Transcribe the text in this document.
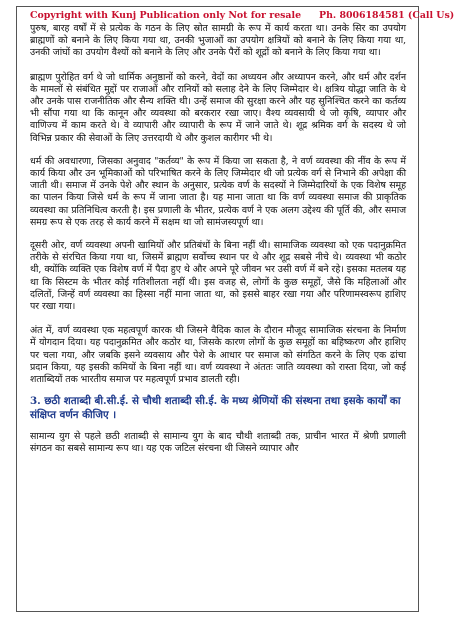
Copyright with Kunj Publication only Not for resale Ph. 8006184581 (Call Us)

पुरुष, बारह वर्षों में से प्रत्येक के गठन के लिए स्रोत सामग्री के रूप में कार्य करता था। उनके सिर का उपयोग ब्राह्मणों को बनाने के लिए किया गया था, उनकी भुजाओं का उपयोग क्षत्रियों को बनाने के लिए किया गया था, उनकी जांघों का उपयोग वैश्यों को बनाने के लिए और उनके पैरों को शूद्रों को बनाने के लिए किया गया था।

ब्राह्मण पुरोहित वर्ग थे जो धार्मिक अनुष्ठानों को करने, वेदों का अध्ययन और अध्यापन करने, और धर्म और दर्शन के मामलों से संबंधित मुद्दों पर राजाओं और रानियों को सलाह देने के लिए जिम्मेदार थे। क्षत्रिय योद्धा जाति के थे और उनके पास राजनीतिक और सैन्य शक्ति थी। उन्हें समाज की सुरक्षा करने और यह सुनिश्चित करने का कर्तव्य भी सौंपा गया था कि कानून और व्यवस्था को बरकरार रखा जाए। वैश्य व्यवसायी थे जो कृषि, व्यापार और वाणिज्य में काम करते थे। वे व्यापारी और व्यापारी के रूप में जाने जाते थे। शूद्र श्रमिक वर्ग के सदस्य थे जो विभिन्न प्रकार की सेवाओं के लिए उत्तरदायी थे और कुशल कारीगर भी थे।

धर्म की अवधारणा, जिसका अनुवाद "कर्तव्य" के रूप में किया जा सकता है, ने वर्ण व्यवस्था की नींव के रूप में कार्य किया और उन भूमिकाओं को परिभाषित करने के लिए जिम्मेदार थी जो प्रत्येक वर्ग से निभाने की अपेक्षा की जाती थी। समाज में उनके पेशे और स्थान के अनुसार, प्रत्येक वर्ण के सदस्यों ने जिम्मेदारियों के एक विशेष समूह का पालन किया जिसे धर्म के रूप में जाना जाता है। यह माना जाता था कि वर्ण व्यवस्था समाज की प्राकृतिक व्यवस्था का प्रतिनिधित्व करती है। इस प्रणाली के भीतर, प्रत्येक वर्ण ने एक अलग उद्देश्य की पूर्ति की, और समाज समग्र रूप से एक तरह से कार्य करने में सक्षम था जो सामंजस्यपूर्ण था।

दूसरी ओर, वर्ण व्यवस्था अपनी खामियों और प्रतिबंधों के बिना नहीं थी। सामाजिक व्यवस्था को एक पदानुक्रमित तरीके से संरचित किया गया था, जिसमें ब्राह्मण सर्वोच्च स्थान पर थे और शूद्र सबसे नीचे थे। व्यवस्था भी कठोर थी, क्योंकि व्यक्ति एक विशेष वर्ण में पैदा हुए थे और अपने पूरे जीवन भर उसी वर्ण में बने रहे। इसका मतलब यह था कि सिस्टम के भीतर कोई गतिशीलता नहीं थी। इस वजह से, लोगों के कुछ समूहों, जैसे कि महिलाओं और दलितों, जिन्हें वर्ण व्यवस्था का हिस्सा नहीं माना जाता था, को इससे बाहर रखा गया और परिणामस्वरूप हाशिए पर रखा गया।

अंत में, वर्ण व्यवस्था एक महत्वपूर्ण कारक थी जिसने वैदिक काल के दौरान मौजूद सामाजिक संरचना के निर्माण में योगदान दिया। यह पदानुक्रमित और कठोर था, जिसके कारण लोगों के कुछ समूहों का बहिष्करण और हाशिए पर चला गया, और जबकि इसने व्यवसाय और पेशे के आधार पर समाज को संगठित करने के लिए एक ढांचा प्रदान किया, यह इसकी कमियों के बिना नहीं था। वर्ण व्यवस्था ने अंततः जाति व्यवस्था को रास्ता दिया, जो कई शताब्दियों तक भारतीय समाज पर महत्वपूर्ण प्रभाव डालती रही।

3. छठी शताब्दी बी.सी.ई. से चौथी शताब्दी सी.ई. के मध्य श्रेणियों की संस्थना तथा इसके कार्यों का संक्षिप्त वर्णन कीजिए ।

सामान्य युग से पहले छठी शताब्दी से सामान्य युग के बाद चौथी शताब्दी तक, प्राचीन भारत में श्रेणी प्रणाली संगठन का सबसे सामान्य रूप था। यह एक जटिल संरचना थी जिसने व्यापार और
